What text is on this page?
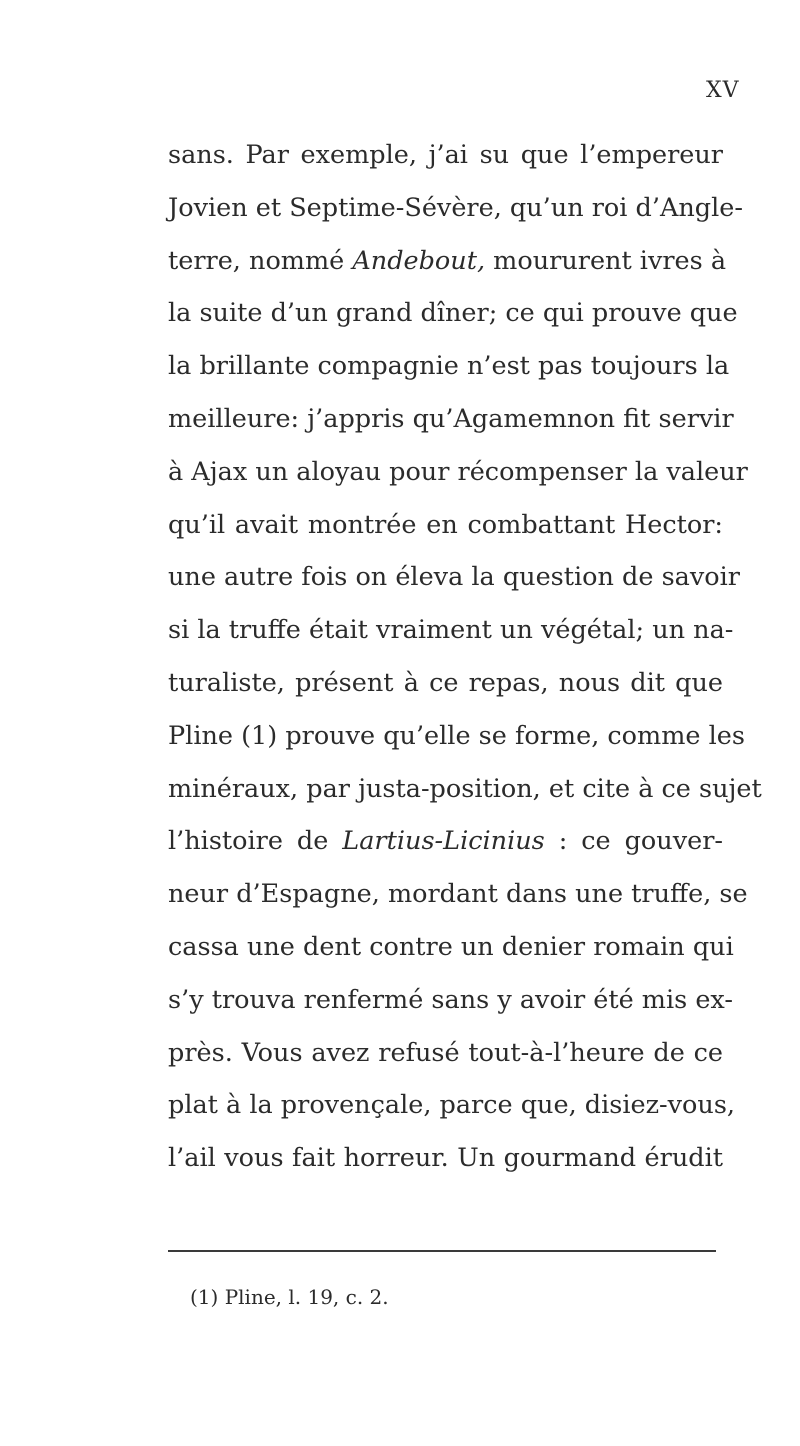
XV
sans. Par exemple, j’ai su que l’empereur
Jovien et Septime-Sévère, qu’un roi d’Angle-
terre, nommé Andebout, moururent ivres à
la suite d’un grand dîner; ce qui prouve que
la brillante compagnie n’est pas toujours la
meilleure: j’appris qu’Agamemnon fit servir
à Ajax un aloyau pour récompenser la valeur
qu’il avait montrée en combattant Hector:
une autre fois on éleva la question de savoir
si la truffe était vraiment un végétal; un na-
turaliste, présent à ce repas, nous dit que
Pline (1) prouve qu’elle se forme, comme les
minéraux, par justa-position, et cite à ce sujet
l’histoire de Lartius-Licinius : ce gouver-
neur d’Espagne, mordant dans une truffe, se
cassa une dent contre un denier romain qui
s’y trouva renfermé sans y avoir été mis ex-
près. Vous avez refusé tout-à-l’heure de ce
plat à la provençale, parce que, disiez-vous,
l’ail vous fait horreur. Un gourmand érudit
(1) Pline, l. 19, c. 2.
